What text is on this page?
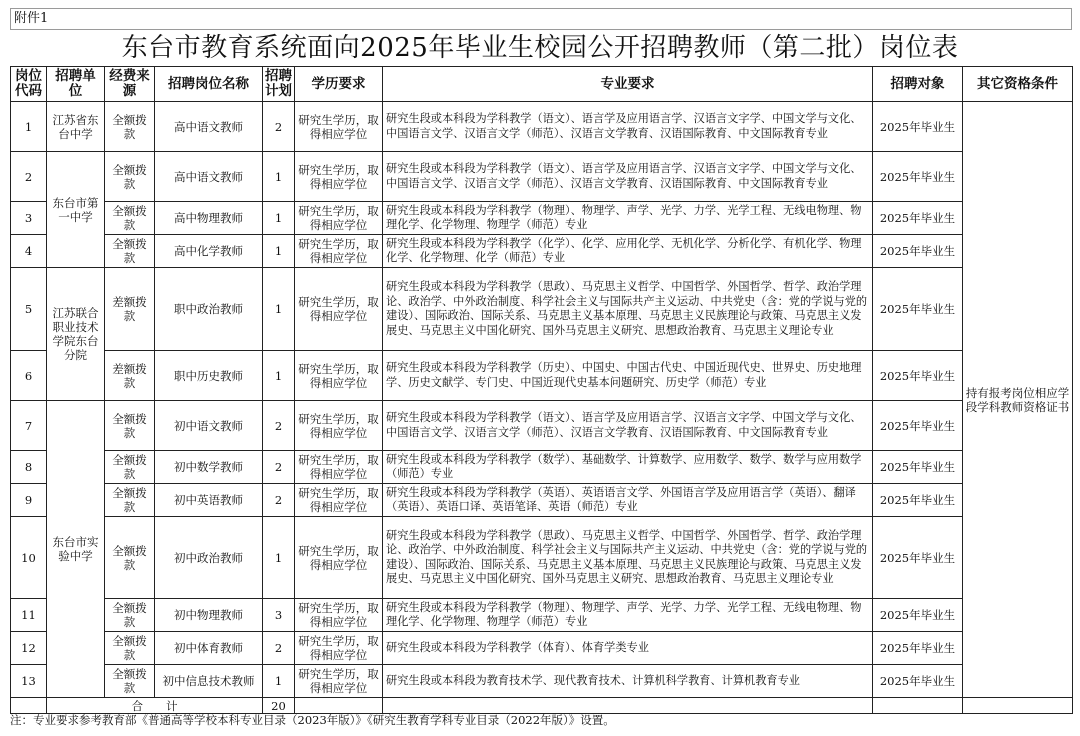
附件1
东台市教育系统面向2025年毕业生校园公开招聘教师（第二批）岗位表
岗位代码	招聘单位	经费来源	招聘岗位名称	招聘计划	学历要求	专业要求	招聘对象	其它资格条件
1	江苏省东台中学	全额拨款	高中语文教师	2	研究生学历，取得相应学位	研究生段或本科段为学科教学（语文）、语言学及应用语言学、汉语言文字学、中国文学与文化、中国语言文学、汉语言文学（师范）、汉语言文学教育、汉语国际教育、中文国际教育专业	2025年毕业生	持有报考岗位相应学段学科教师资格证书
2	东台市第一中学	全额拨款	高中语文教师	1	研究生学历，取得相应学位	研究生段或本科段为学科教学（语文）、语言学及应用语言学、汉语言文字学、中国文学与文化、中国语言文学、汉语言文学（师范）、汉语言文学教育、汉语国际教育、中文国际教育专业	2025年毕业生	
3		全额拨款	高中物理教师	1	研究生学历，取得相应学位	研究生段或本科段为学科教学（物理）、物理学、声学、光学、力学、光学工程、无线电物理、物理化学、化学物理、物理学（师范）专业	2025年毕业生	
4		全额拨款	高中化学教师	1	研究生学历，取得相应学位	研究生段或本科段为学科教学（化学）、化学、应用化学、无机化学、分析化学、有机化学、物理化学、化学物理、化学（师范）专业	2025年毕业生	
5	江苏联合职业技术学院东台分院	差额拨款	职中政治教师	1	研究生学历，取得相应学位	研究生段或本科段为学科教学（思政）、马克思主义哲学、中国哲学、外国哲学、哲学、政治学理论、政治学、中外政治制度、科学社会主义与国际共产主义运动、中共党史（含：党的学说与党的建设）、国际政治、国际关系、马克思主义基本原理、马克思主义民族理论与政策、马克思主义发展史、马克思主义中国化研究、国外马克思主义研究、思想政治教育、马克思主义理论专业	2025年毕业生	
6		差额拨款	职中历史教师	1	研究生学历，取得相应学位	研究生段或本科段为学科教学（历史）、中国史、中国古代史、中国近现代史、世界史、历史地理学、历史文献学、专门史、中国近现代史基本问题研究、历史学（师范）专业	2025年毕业生	
7	东台市实验中学	全额拨款	初中语文教师	2	研究生学历，取得相应学位	研究生段或本科段为学科教学（语文）、语言学及应用语言学、汉语言文字学、中国文学与文化、中国语言文学、汉语言文学（师范）、汉语言文学教育、汉语国际教育、中文国际教育专业	2025年毕业生	
8		全额拨款	初中数学教师	2	研究生学历，取得相应学位	研究生段或本科段为学科教学（数学）、基础数学、计算数学、应用数学、数学、数学与应用数学（师范）专业	2025年毕业生	
9		全额拨款	初中英语教师	2	研究生学历，取得相应学位	研究生段或本科段为学科教学（英语）、英语语言文学、外国语言学及应用语言学（英语）、翻译（英语）、英语口译、英语笔译、英语（师范）专业	2025年毕业生	
10		全额拨款	初中政治教师	1	研究生学历，取得相应学位	研究生段或本科段为学科教学（思政）、马克思主义哲学、中国哲学、外国哲学、哲学、政治学理论、政治学、中外政治制度、科学社会主义与国际共产主义运动、中共党史（含：党的学说与党的建设）、国际政治、国际关系、马克思主义基本原理、马克思主义民族理论与政策、马克思主义发展史、马克思主义中国化研究、国外马克思主义研究、思想政治教育、马克思主义理论专业	2025年毕业生	
11		全额拨款	初中物理教师	3	研究生学历，取得相应学位	研究生段或本科段为学科教学（物理）、物理学、声学、光学、力学、光学工程、无线电物理、物理化学、化学物理、物理学（师范）专业	2025年毕业生	
12		全额拨款	初中体育教师	2	研究生学历，取得相应学位	研究生段或本科段为学科教学（体育）、体育学类专业	2025年毕业生	
13		全额拨款	初中信息技术教师	1	研究生学历，取得相应学位	研究生段或本科段为教育技术学、现代教育技术、计算机科学教育、计算机教育专业	2025年毕业生	
	合　　计			20				
注：专业要求参考教育部《普通高等学校本科专业目录（2023年版）》《研究生教育学科专业目录（2022年版）》设置。
